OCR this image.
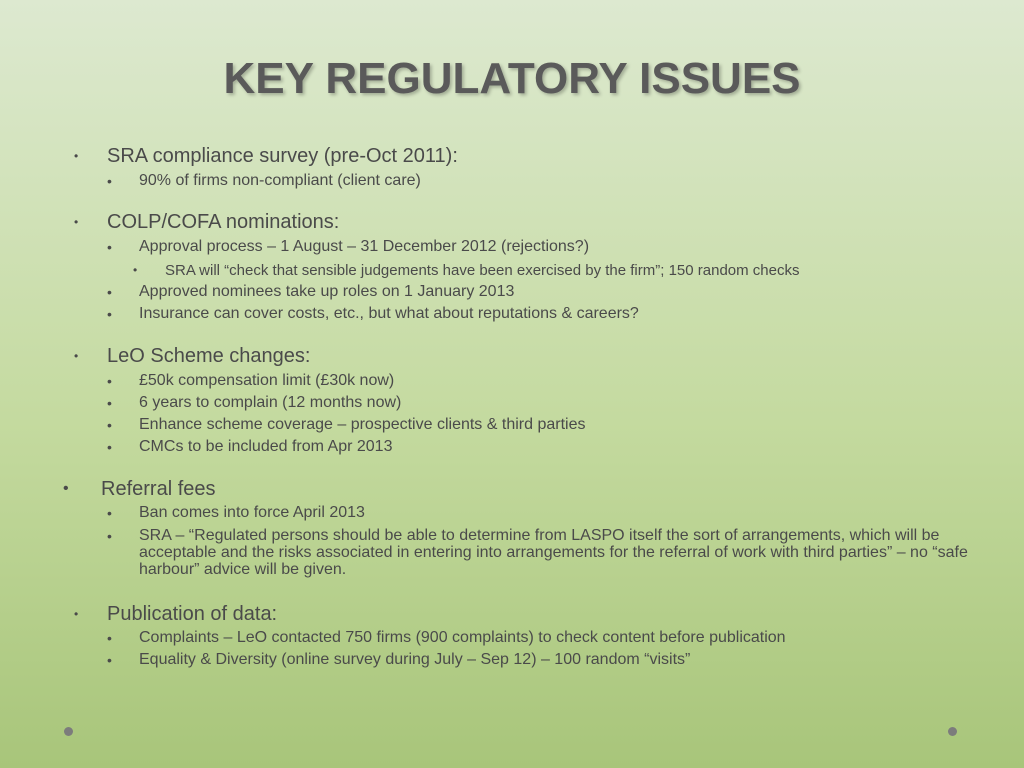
KEY REGULATORY ISSUES

• SRA compliance survey (pre-Oct 2011):

• 90% of firms non-compliant (client care)

• COLP/COFA nominations:

• Approval process – 1 August – 31 December 2012 (rejections?)

• SRA will “check that sensible judgements have been exercised by the firm”; 150 random checks

• Approved nominees take up roles on 1 January 2013

• Insurance can cover costs, etc., but what about reputations & careers?

• LeO Scheme changes:

• £50k compensation limit (£30k now)

• 6 years to complain (12 months now)

• Enhance scheme coverage – prospective clients & third parties

• CMCs to be included from Apr 2013

• Referral fees

• Ban comes into force April 2013

• SRA – “Regulated persons should be able to determine from LASPO itself the sort of arrangements, which will be acceptable and the risks associated in entering into arrangements for the referral of work with third parties” – no “safe harbour” advice will be given.

• Publication of data:

• Complaints – LeO contacted 750 firms (900 complaints) to check content before publication

• Equality & Diversity (online survey during July – Sep 12) – 100 random “visits”
